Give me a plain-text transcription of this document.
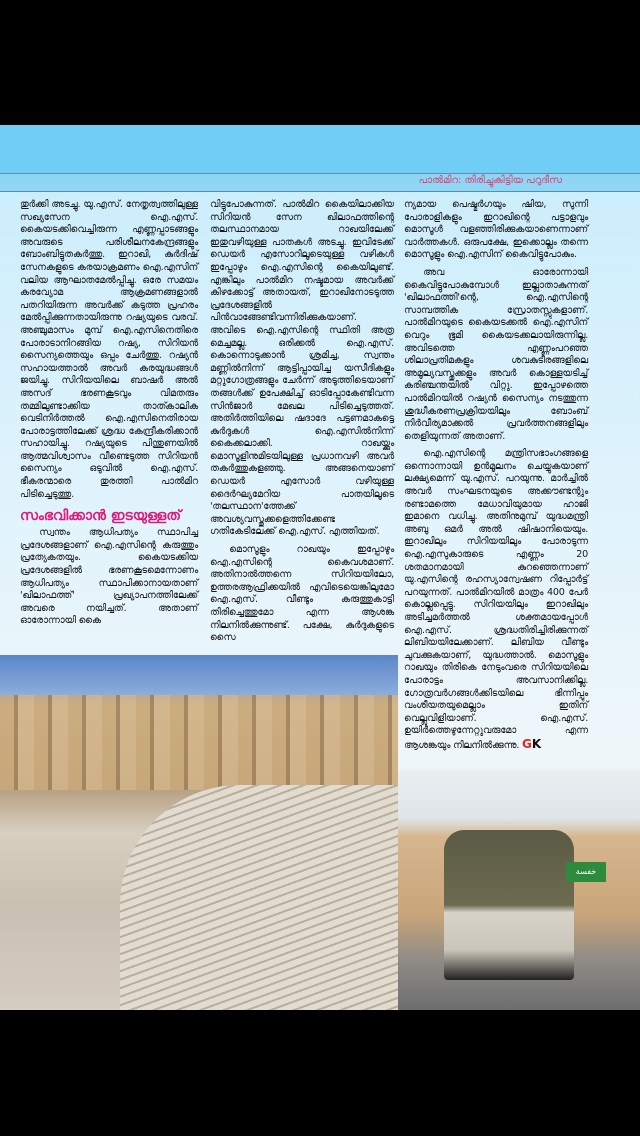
പാൽമിറ: തിരിച്ചുകിട്ടിയ പറുദീസ

തുർക്കി അടച്ചു. യു.എസ്. നേതൃത്വത്തിലുള്ള സഖ്യസേന ഐ.എസ്. കൈയടക്കിവെച്ചിരുന്ന എണ്ണപ്പാടങ്ങളും അവരുടെ പരിശീലനകേന്ദ്രങ്ങളും ബോംബിട്ടുതകർത്തു. ഇറാഖി, കുർദിഷ് സേനകളുടെ കരയാക്രമണം ഐ.എസിന് വലിയ ആഘാതമേൽപ്പിച്ചു. ഒരേ സമയം കരവ്യോമ ആക്രമണങ്ങളാൽ പതറിയിരുന്ന അവർക്ക് കടുത്ത പ്രഹരം മേൽപ്പിക്കുന്നതായിരുന്നു റഷ്യയുടെ വരവ്. അഞ്ചുമാസം മുമ്പ് ഐ.എസിനെതിരെ പോരാടാനിറങ്ങിയ റഷ്യ, സിറിയൻ സൈന്യത്തെയും ഒപ്പം ചേർത്തു. റഷ്യൻ സഹായത്താൽ അവർ കരയുദ്ധങ്ങൾ ജയിച്ചു. സിറിയയിലെ ബാഷർ അൽ അസദ് ഭരണകൂടവും വിമതരും തമ്മിലുണ്ടാക്കിയ താത്കാലിക വെടിനിർത്തൽ ഐ.എസിനെതിരായ പോരാട്ടത്തിലേക്ക് ശ്രദ്ധ കേന്ദ്രീകരിക്കാൻ സഹായിച്ചു. റഷ്യയുടെ പിന്തുണയിൽ ആത്മവിശ്വാസം വീണ്ടെടുത്ത സിറിയൻ സൈന്യം ഒടുവിൽ ഐ.എസ്. ഭീകരന്മാരെ തുരത്തി പാൽമിറ പിടിച്ചെടുത്തു.

സംഭവിക്കാൻ ഇടയുള്ളത്

സ്വന്തം ആധിപത്യം സ്ഥാപിച്ച പ്രദേശങ്ങളാണ് ഐ.എസിന്റെ കരുത്തും പ്രത്യേകതയും. കൈയടക്കിയ പ്രദേശങ്ങളിൽ ഭരണകൂടമെന്നോണം ആധിപത്യം സ്ഥാപിക്കാനായതാണ് 'ഖിലാഫത്ത്' പ്രഖ്യാപനത്തിലേക്ക് അവരെ നയിച്ചത്. അതാണ് ഓരോന്നായി കൈ

വിട്ടുപോകുന്നത്. പാൽമിറ കൈയിലാക്കിയ സിറിയൻ സേന ഖിലാഫത്തിന്റെ തലസ്ഥാനമായ റാഖയിലേക്ക് ഇതുവഴിയുള്ള പാതകൾ അടച്ചു. ഇവിടേക്ക് ഡെയർ എസോറിലൂടെയുള്ള വഴികൾ ഇപ്പോഴും ഐ.എസിന്റെ കൈയിലുണ്ട്. എങ്കിലും പാൽമിറ നഷ്ടമായ അവർക്ക് കിഴക്കോട്ട് അതായത്, ഇറാഖിനോടടുത്ത പ്രദേശങ്ങളിൽ പിൻവാങ്ങേണ്ടിവന്നിരിക്കുകയാണ്. അവിടെ ഐ.എസിന്റെ സ്ഥിതി അത്ര മെച്ചമല്ല. ഒരിക്കൽ ഐ.എസ്. കൊന്നൊടുക്കാൻ ശ്രമിച്ച, സ്വന്തം മണ്ണിൽനിന്ന് ആട്ടിപ്പായിച്ച യസീദികളും മറ്റുഗോത്രങ്ങളും ചേർന്ന് അടുത്തിടെയാണ് തങ്ങൾക്ക് ഉപേക്ഷിച്ച് ഓടിപ്പോകേണ്ടിവന്ന സിൻജാർ മേഖല പിടിച്ചെടുത്തത്. അതിർത്തിയിലെ ഷദാദേ പട്ടണമാകട്ടെ കുർദുകൾ ഐ.എസിൽനിന്ന് കൈക്കലാക്കി. റാഖയ്ക്കും മൊസൂളിനുമിടയിലുള്ള പ്രധാനവഴി അവർ തകർത്തുകളഞ്ഞു. അങ്ങനെയാണ് ഡെയർ എസോർ വഴിയുള്ള ദൈർഘ്യമേറിയ പാതയിലൂടെ 'തലസ്ഥാന'ത്തേക്ക് അവശ്യവസ്തുക്കളെത്തിക്കേണ്ട ഗതികേടിലേക്ക് ഐ.എസ്. എത്തിയത്.

മൊസൂളും റാഖയും ഇപ്പോഴും ഐ.എസിന്റെ കൈവശമാണ്. അതിനാൽത്തന്നെ സിറിയയിലോ, ഉത്തരആഫ്രിക്കയിൽ എവിടെയെങ്കിലുമോ ഐ.എസ്. വീണ്ടും കരുത്തുകാട്ടി തിരിച്ചെത്തുമോ എന്ന ആശങ്ക നിലനിൽക്കുന്നുണ്ട്. പക്ഷേ, കുർദുകളുടെ സൈ

ന്യമായ പെഷ്മർഗയും ഷിയ, സുന്നി പോരാളികളും ഇറാഖിന്റെ പട്ടാളവും മൊസൂൾ വളഞ്ഞിരിക്കുകയാണെന്നാണ് വാർത്തകൾ. ഒരുപക്ഷേ, ഇക്കൊല്ലം തന്നെ മൊസൂളും ഐ.എസിന് കൈവിട്ടുപോകും.

അവ ഓരോന്നായി കൈവിട്ടുപോകുമ്പോൾ ഇല്ലാതാകുന്നത് 'ഖിലാഫത്തി'ന്റെ, ഐ.എസിന്റെ സാമ്പത്തിക സ്രോതസ്സുകളാണ്. പാൽമിറയുടെ കൈയടക്കൽ ഐ.എസിന് വെറും ഭൂമി കൈയടക്കലായിരുന്നില്ല. അവിടത്തെ എണ്ണംപറഞ്ഞ ശിലാപ്രതിമകളും ശവകുടീരങ്ങളിലെ അമൂല്യവസ്തുക്കളും അവർ കൊള്ളയടിച്ച് കരിഞ്ചന്തയിൽ വിറ്റു. ഇപ്പോഴത്തെ പാൽമിറയിൽ റഷ്യൻ സൈന്യം നടത്തുന്ന ശുദ്ധീകരണപ്രക്രിയയിലും ബോംബ് നിർവീര്യമാക്കൽ പ്രവർത്തനങ്ങളിലും തെളിയുന്നത് അതാണ്.

ഐ.എസിന്റെ മന്ത്രിസഭാംഗങ്ങളെ ഒന്നൊന്നായി ഉൻമൂലനം ചെയ്യുകയാണ് ലക്ഷ്യമെന്ന് യു.എസ്. പറയുന്നു. മാർച്ചിൽ അവർ സംഘടനയുടെ അക്കൗണ്ടന്റും രണ്ടാമത്തെ മേധാവിയുമായ ഹാജി ഇമാനെ വധിച്ചു. അതിനുമുമ്പ് യുദ്ധമന്ത്രി അബു ഒമർ അൽ ഷിഷാനിയെയും. ഇറാഖിലും സിറിയയിലും പോരാടുന്ന ഐ.എസുകാരുടെ എണ്ണം 20 ശതമാനമായി കുറഞ്ഞെന്നാണ് യു.എസിന്റെ രഹസ്യാന്വേഷണ റിപ്പോർട്ട് പറയുന്നത്. പാൽമിറയിൽ മാത്രം 400 പേർ കൊല്ലപ്പെട്ടു. സിറിയയിലും ഇറാഖിലും അടിച്ചമർത്തൽ ശക്തമായപ്പോൾ ഐ.എസ്. ശ്രദ്ധതിരിച്ചിരിക്കുന്നത് ലിബിയയിലേക്കാണ്. ലിബിയ വീണ്ടും ചുവക്കുകയാണ്, യുദ്ധത്താൽ. മൊസൂളും റാഖയും തിരികെ നേടുംവരെ സിറിയയിലെ പോരാട്ടം അവസാനിക്കില്ല. ഗോത്രവർഗങ്ങൾക്കിടയിലെ ഭിന്നിപ്പും വംശീയതയുമെല്ലാം ഇതിന് വെല്ലുവിളിയാണ്. ഐ.എസ്. ഉയിർത്തെഴുന്നേറ്റുവരുമോ എന്ന ആശങ്കയും നിലനിൽക്കുന്നു. GK

خفسة
